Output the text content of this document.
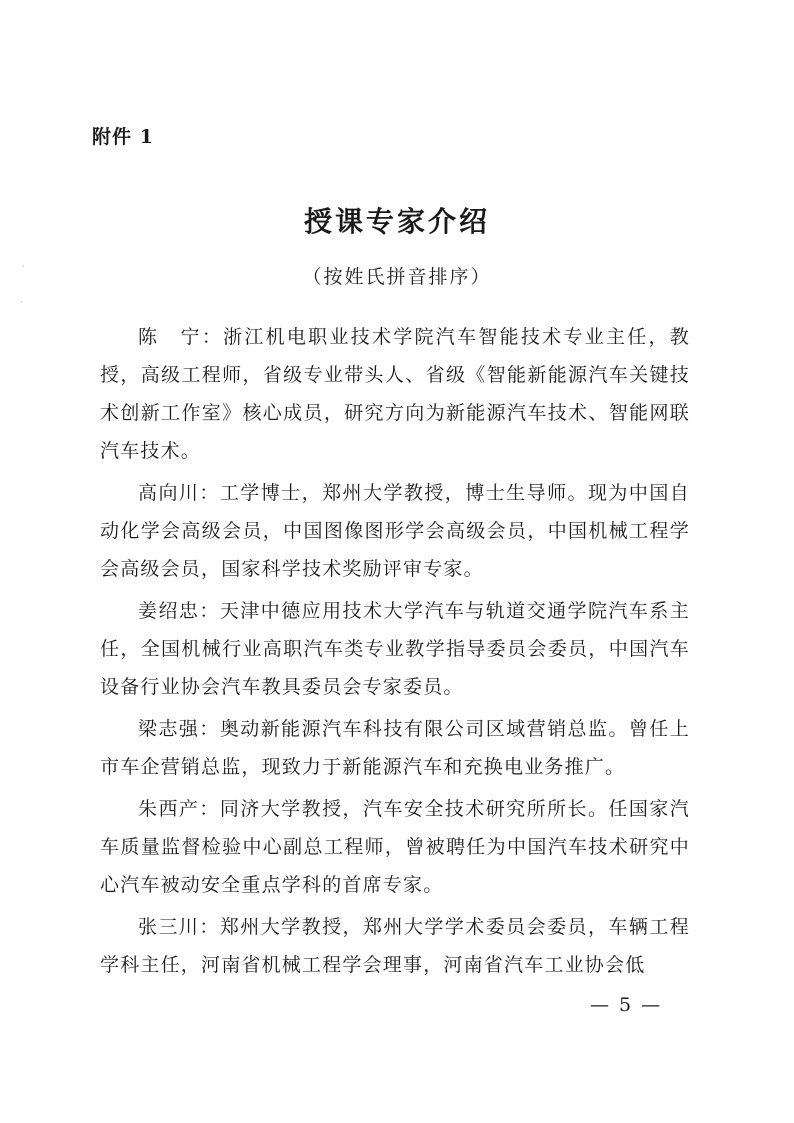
附件 1
授课专家介绍
（按姓氏拼音排序）

陈　宁：浙江机电职业技术学院汽车智能技术专业主任，教授，高级工程师，省级专业带头人、省级《智能新能源汽车关键技术创新工作室》核心成员，研究方向为新能源汽车技术、智能网联汽车技术。

高向川：工学博士，郑州大学教授，博士生导师。现为中国自动化学会高级会员，中国图像图形学会高级会员，中国机械工程学会高级会员，国家科学技术奖励评审专家。

姜绍忠：天津中德应用技术大学汽车与轨道交通学院汽车系主任，全国机械行业高职汽车类专业教学指导委员会委员，中国汽车设备行业协会汽车教具委员会专家委员。

梁志强：奥动新能源汽车科技有限公司区域营销总监。曾任上市车企营销总监，现致力于新能源汽车和充换电业务推广。

朱西产：同济大学教授，汽车安全技术研究所所长。任国家汽车质量监督检验中心副总工程师，曾被聘任为中国汽车技术研究中心汽车被动安全重点学科的首席专家。

张三川：郑州大学教授，郑州大学学术委员会委员，车辆工程学科主任，河南省机械工程学会理事，河南省汽车工业协会低

— 5 —
·
·
